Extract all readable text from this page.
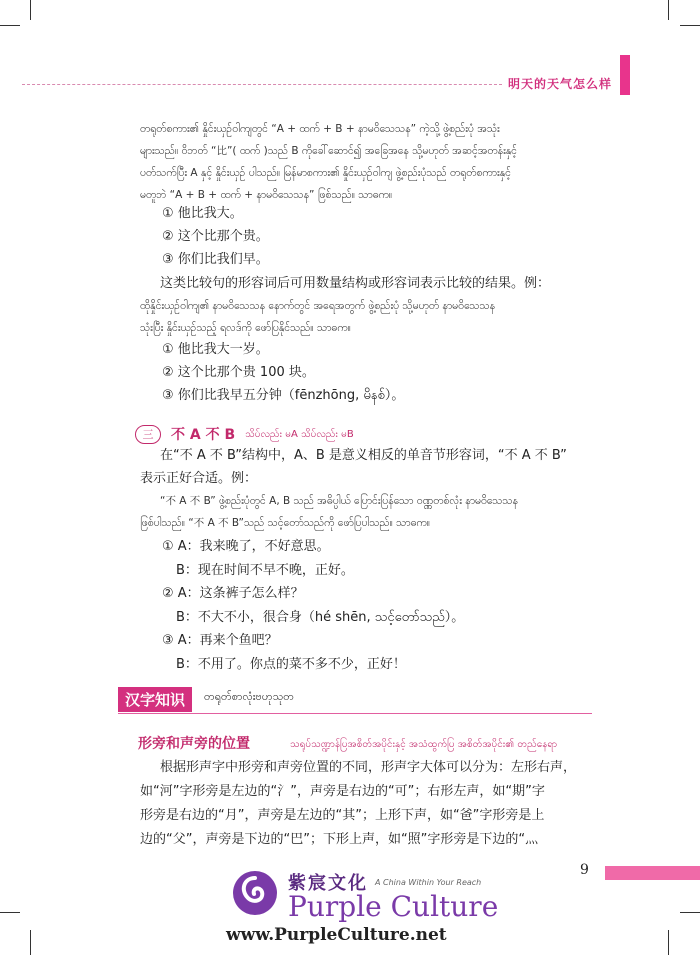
明天的天气怎么样
တရုတ်စကား၏ နှိုင်းယှဉ်ဝါကျတွင် “A + ထက် + B + နာမဝိသေသန” ကဲ့သို့ ဖွဲ့စည်းပုံ အသုံး
များသည်။ ဝိဘတ် “比”( ထက် )သည် B ကိုခေါ်ဆောင်၍ အခြေအနေ သို့မဟုတ် အဆင့်အတန်းနှင့်
ပတ်သက်ပြီး A နှင့် နှိုင်းယှဉ် ပါသည်။ မြန်မာစကား၏ နှိုင်းယှဉ်ဝါကျ ဖွဲ့စည်းပုံသည် တရုတ်စကားနှင့်
မတူဘဲ “A + B + ထက် + နာမဝိသေသန” ဖြစ်သည်။ သာဓက။
① 他比我大。
② 这个比那个贵。
③ 你们比我们早。
这类比较句的形容词后可用数量结构或形容词表示比较的结果。例：
ထိုနှိုင်းယှဉ်ဝါကျ၏ နာမဝိသေသန နောက်တွင် အရေအတွက် ဖွဲ့စည်းပုံ သို့မဟုတ် နာမဝိသေသန
သုံးပြီး နှိုင်းယှဉ်သည့် ရလဒ်ကို ဖော်ပြနိုင်သည်။ သာဓက။
① 他比我大一岁。
② 这个比那个贵 100 块。
③ 你们比我早五分钟（fēnzhōng, မိနစ်）。
三	不 A 不 B သိပ်လည်း မA သိပ်လည်း မB
在“不 A 不 B”结构中，A、B 是意义相反的单音节形容词，“不 A 不 B”
表示正好合适。例：
“不 A 不 B” ဖွဲ့စည်းပုံတွင် A, B သည် အဓိပ္ပါယ် ပြောင်းပြန်သော ဝဏ္ဏတစ်လုံး နာမဝိသေသန
ဖြစ်ပါသည်။ “不 A 不 B”သည် သင့်တော်သည်ကို ဖော်ပြပါသည်။ သာဓက။
① A：我来晚了，不好意思。
B：现在时间不早不晚，正好。
② A：这条裤子怎么样？
B：不大不小，很合身（hé shēn, သင့်တော်သည်）。
③ A：再来个鱼吧？
B：不用了。你点的菜不多不少，正好！
汉字知识	တရုတ်စာလုံးဗဟုသုတ
形旁和声旁的位置	သရုပ်သဏ္ဍာန်ပြအစိတ်အပိုင်းနှင့် အသံထွက်ပြ အစိတ်အပိုင်း၏ တည်နေရာ
根据形声字中形旁和声旁位置的不同，形声字大体可以分为：左形右声，
如“河”字形旁是左边的“氵”，声旁是右边的“可”；右形左声，如“期”字
形旁是右边的“月”，声旁是左边的“其”；上形下声，如“爸”字形旁是上
边的“父”，声旁是下边的“巴”；下形上声，如“照”字形旁是下边的“灬
9
紫宸文化 A China Within Your Reach
Purple Culture
www.PurpleCulture.net
